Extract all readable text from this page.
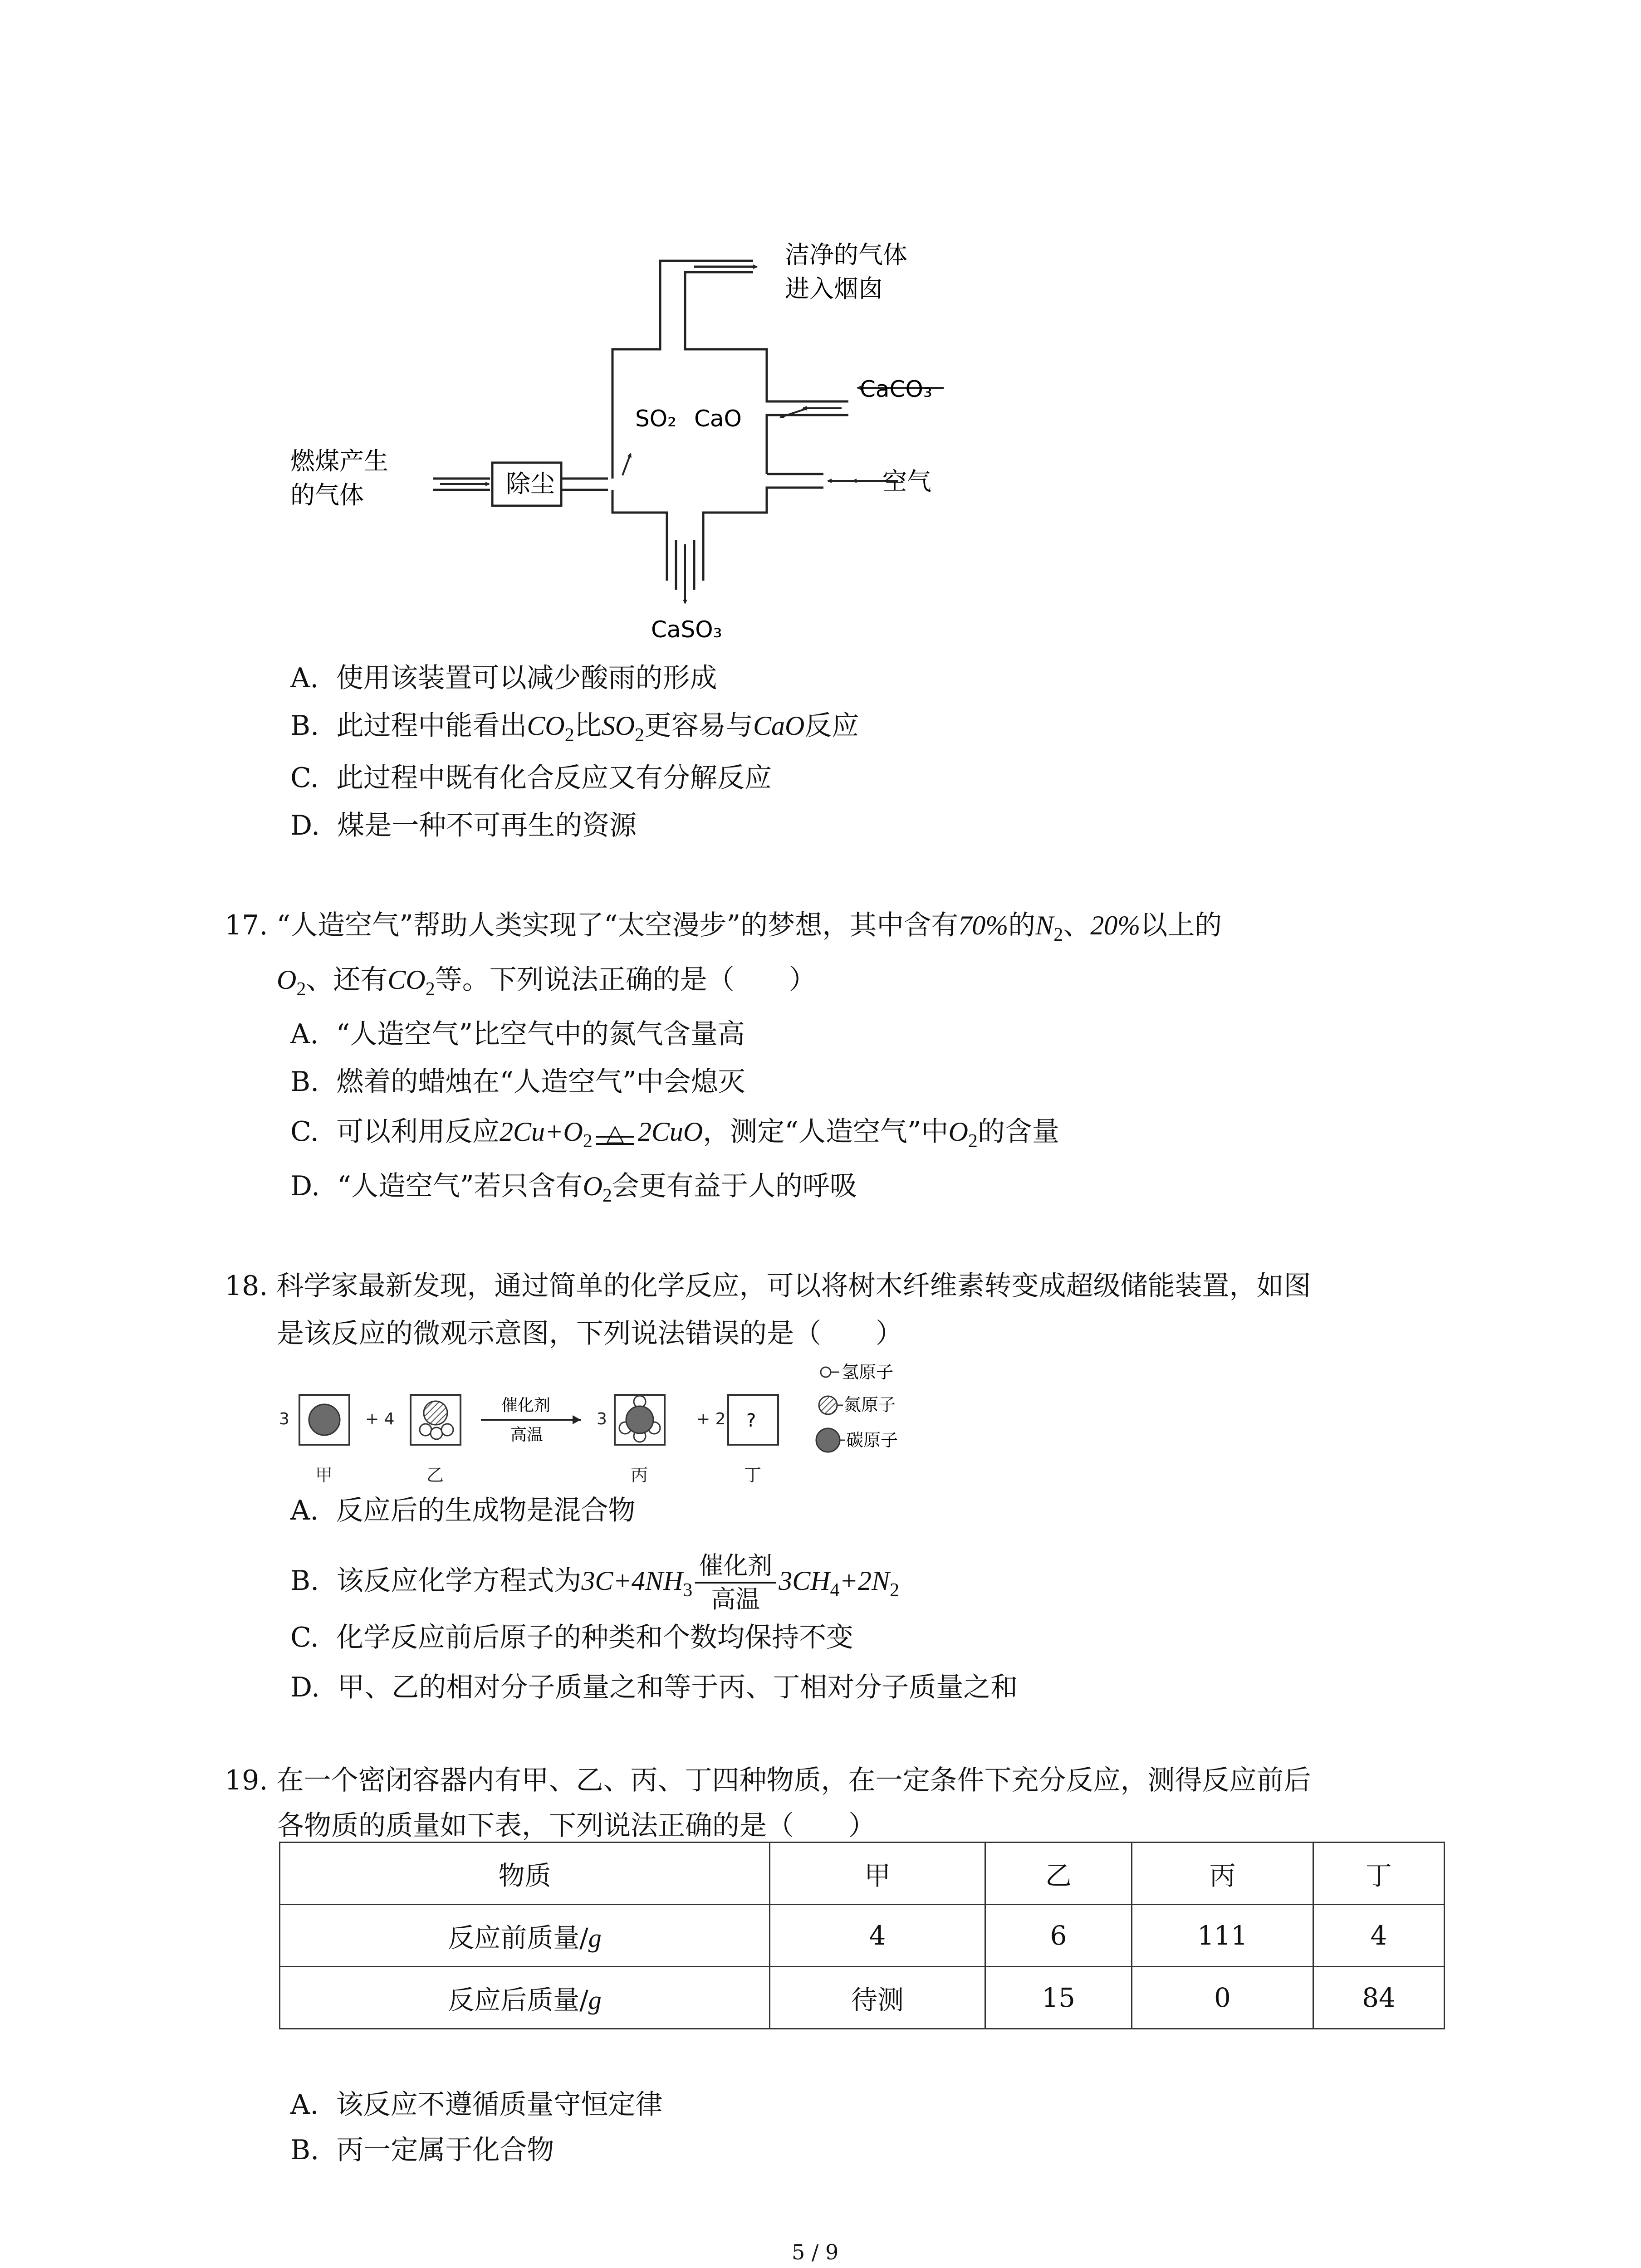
燃煤产生
的气体	除尘
洁净的气体
进入烟囱
CaCO₃
SO₂ CaO
空气
CaSO₃
A. 使用该装置可以减少酸雨的形成
B. 此过程中能看出$CO_2$比$SO_2$更容易与CaO反应
C. 此过程中既有化合反应又有分解反应
D. 煤是一种不可再生的资源
17. “人造空气”帮助人类实现了“太空漫步”的梦想，其中含有70%的$N_2$、20%以上的
$O_2$、还有$CO_2$等。下列说法正确的是（　　）
A. “人造空气”比空气中的氮气含量高
B. 燃着的蜡烛在“人造空气”中会熄灭
C. 可以利用反应$2Cu+O_2$ △ 2CuO，测定“人造空气”中$O_2$的含量
D. “人造空气”若只含有$O_2$会更有益于人的呼吸
18. 科学家最新发现，通过简单的化学反应，可以将树木纤维素转变成超级储能装置，如图
是该反应的微观示意图，下列说法错误的是（　　）
3	+ 4	3	+ 2
催化剂
高温
?
甲	乙	丙	丁
氢原子
氮原子
碳原子
A. 反应后的生成物是混合物
B. 该反应化学方程式为$3C+4NH_3 \frac{\text{催化剂}}{\text{高温}} 3CH_4+2N_2$
C. 化学反应前后原子的种类和个数均保持不变
D. 甲、乙的相对分子质量之和等于丙、丁相对分子质量之和
19. 在一个密闭容器内有甲、乙、丙、丁四种物质，在一定条件下充分反应，测得反应前后
各物质的质量如下表，下列说法正确的是（　　）
物质	甲	乙	丙	丁
反应前质量/g	4	6	111	4
反应后质量/g	待测	15	0	84
A. 该反应不遵循质量守恒定律
B. 丙一定属于化合物
5 / 9
